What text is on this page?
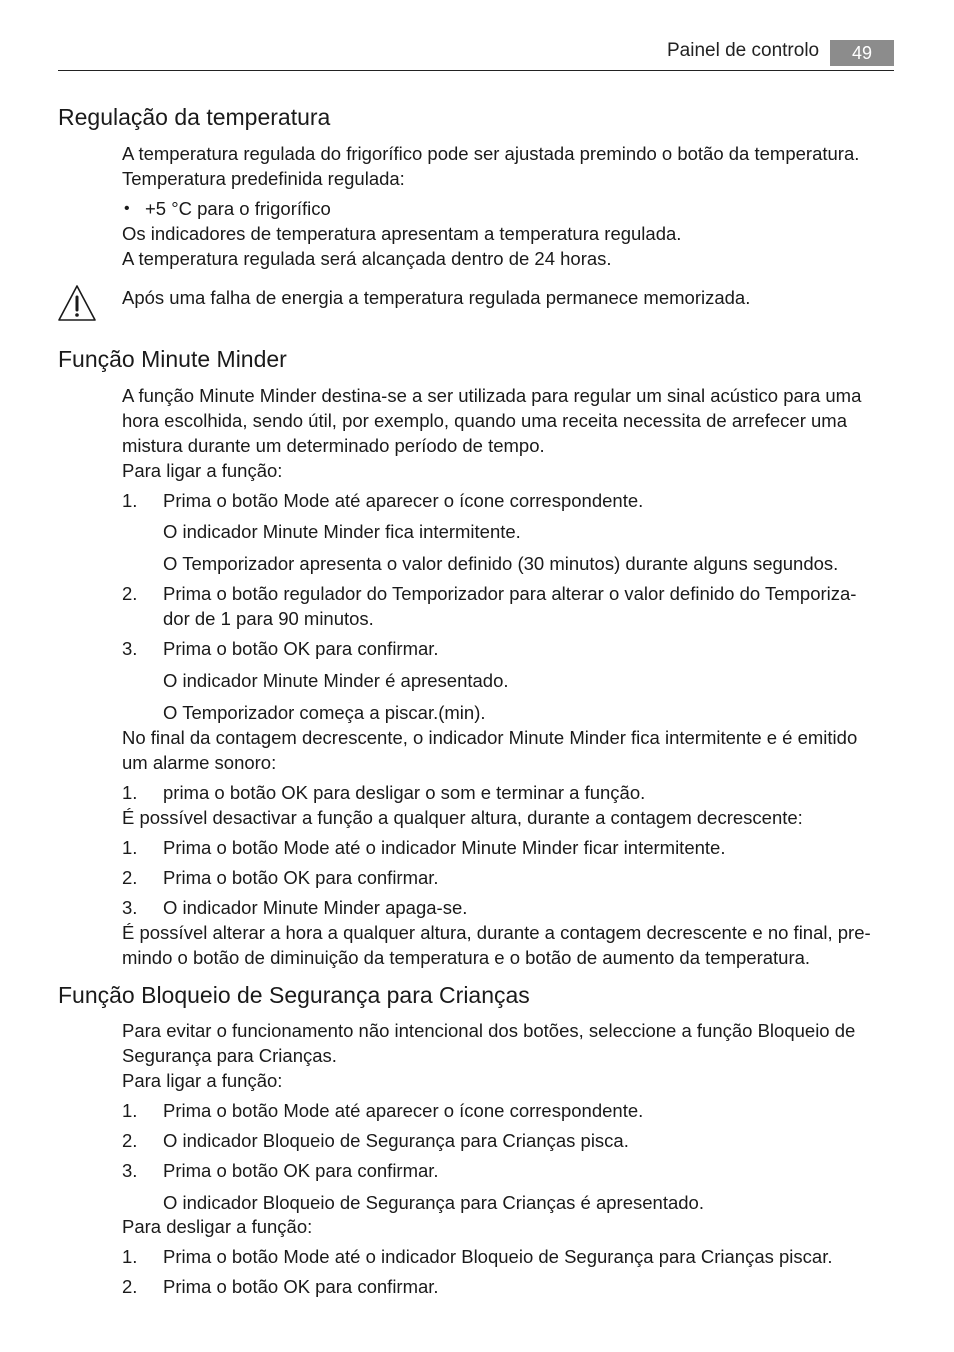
Painel de controlo	49
Regulação da temperatura
A temperatura regulada do frigorífico pode ser ajustada premindo o botão da temperatura.
Temperatura predefinida regulada:
• +5 °C para o frigorífico
Os indicadores de temperatura apresentam a temperatura regulada.
A temperatura regulada será alcançada dentro de 24 horas.
Após uma falha de energia a temperatura regulada permanece memorizada.
Função Minute Minder
A função Minute Minder destina-se a ser utilizada para regular um sinal acústico para uma
hora escolhida, sendo útil, por exemplo, quando uma receita necessita de arrefecer uma
mistura durante um determinado período de tempo.
Para ligar a função:
1. Prima o botão Mode até aparecer o ícone correspondente.
O indicador Minute Minder fica intermitente.
O Temporizador apresenta o valor definido (30 minutos) durante alguns segundos.
2. Prima o botão regulador do Temporizador para alterar o valor definido do Temporiza-
dor de 1 para 90 minutos.
3. Prima o botão OK para confirmar.
O indicador Minute Minder é apresentado.
O Temporizador começa a piscar.(min).
No final da contagem decrescente, o indicador Minute Minder fica intermitente e é emitido
um alarme sonoro:
1. prima o botão OK para desligar o som e terminar a função.
É possível desactivar a função a qualquer altura, durante a contagem decrescente:
1. Prima o botão Mode até o indicador Minute Minder ficar intermitente.
2. Prima o botão OK para confirmar.
3. O indicador Minute Minder apaga-se.
É possível alterar a hora a qualquer altura, durante a contagem decrescente e no final, pre-
mindo o botão de diminuição da temperatura e o botão de aumento da temperatura.
Função Bloqueio de Segurança para Crianças
Para evitar o funcionamento não intencional dos botões, seleccione a função Bloqueio de
Segurança para Crianças.
Para ligar a função:
1. Prima o botão Mode até aparecer o ícone correspondente.
2. O indicador Bloqueio de Segurança para Crianças pisca.
3. Prima o botão OK para confirmar.
O indicador Bloqueio de Segurança para Crianças é apresentado.
Para desligar a função:
1. Prima o botão Mode até o indicador Bloqueio de Segurança para Crianças piscar.
2. Prima o botão OK para confirmar.
